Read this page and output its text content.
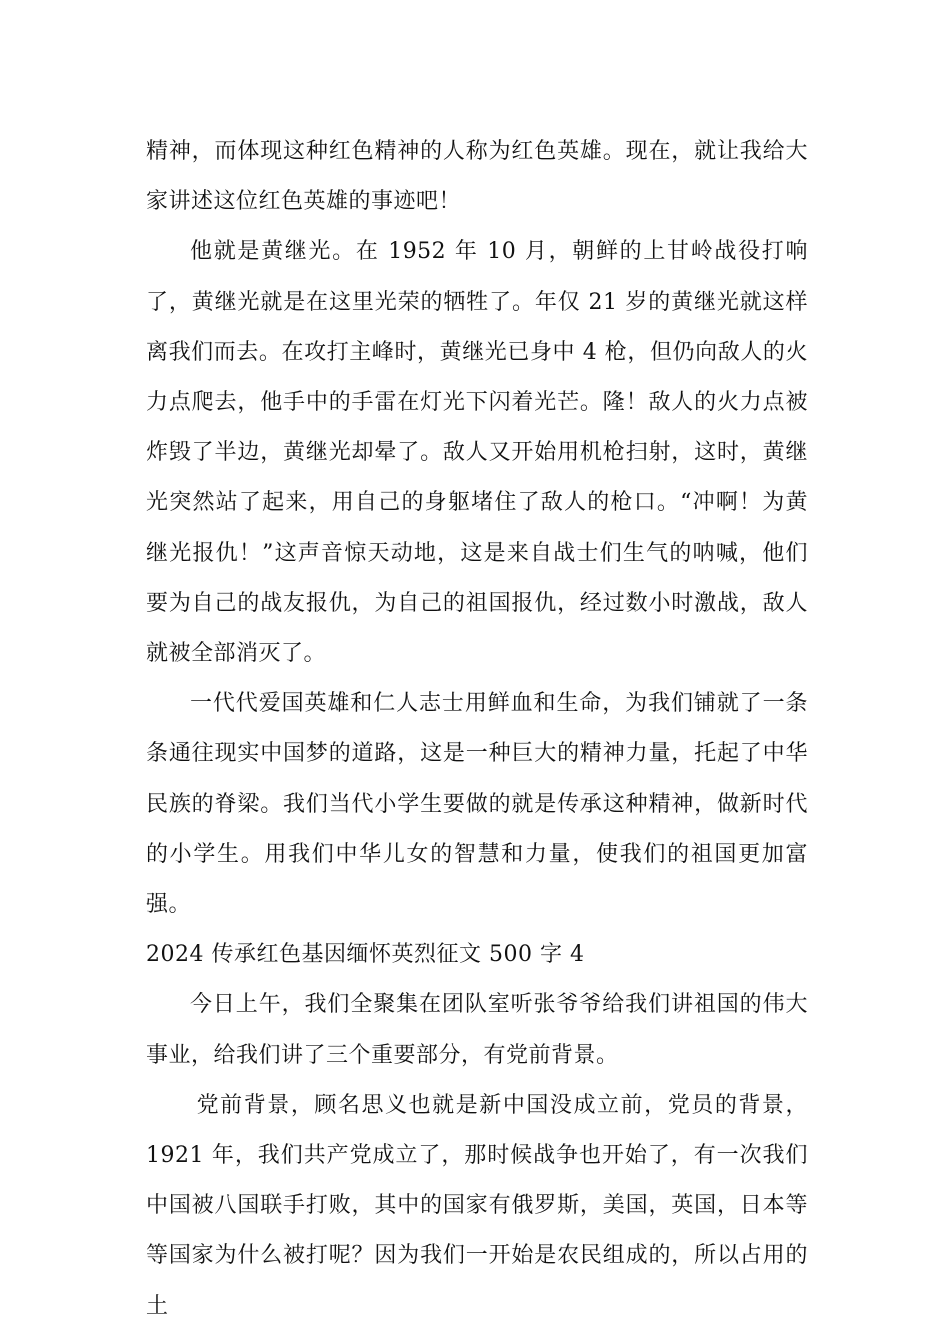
精神，而体现这种红色精神的人称为红色英雄。现在，就让我给大家讲述这位红色英雄的事迹吧！

他就是黄继光。在 1952 年 10 月，朝鲜的上甘岭战役打响了，黄继光就是在这里光荣的牺牲了。年仅 21 岁的黄继光就这样离我们而去。在攻打主峰时，黄继光已身中 4 枪，但仍向敌人的火力点爬去，他手中的手雷在灯光下闪着光芒。隆！敌人的火力点被炸毁了半边，黄继光却晕了。敌人又开始用机枪扫射，这时，黄继光突然站了起来，用自己的身躯堵住了敌人的枪口。“冲啊！为黄继光报仇！”这声音惊天动地，这是来自战士们生气的呐喊，他们要为自己的战友报仇，为自己的祖国报仇，经过数小时激战，敌人就被全部消灭了。

一代代爱国英雄和仁人志士用鲜血和生命，为我们铺就了一条条通往现实中国梦的道路，这是一种巨大的精神力量，托起了中华民族的脊梁。我们当代小学生要做的就是传承这种精神，做新时代的小学生。用我们中华儿女的智慧和力量，使我们的祖国更加富强。

2024 传承红色基因缅怀英烈征文 500 字 4

今日上午，我们全聚集在团队室听张爷爷给我们讲祖国的伟大事业，给我们讲了三个重要部分，有党前背景。

党前背景，顾名思义也就是新中国没成立前，党员的背景，1921 年，我们共产党成立了，那时候战争也开始了，有一次我们中国被八国联手打败，其中的国家有俄罗斯，美国，英国，日本等等国家为什么被打呢？因为我们一开始是农民组成的，所以占用的土
